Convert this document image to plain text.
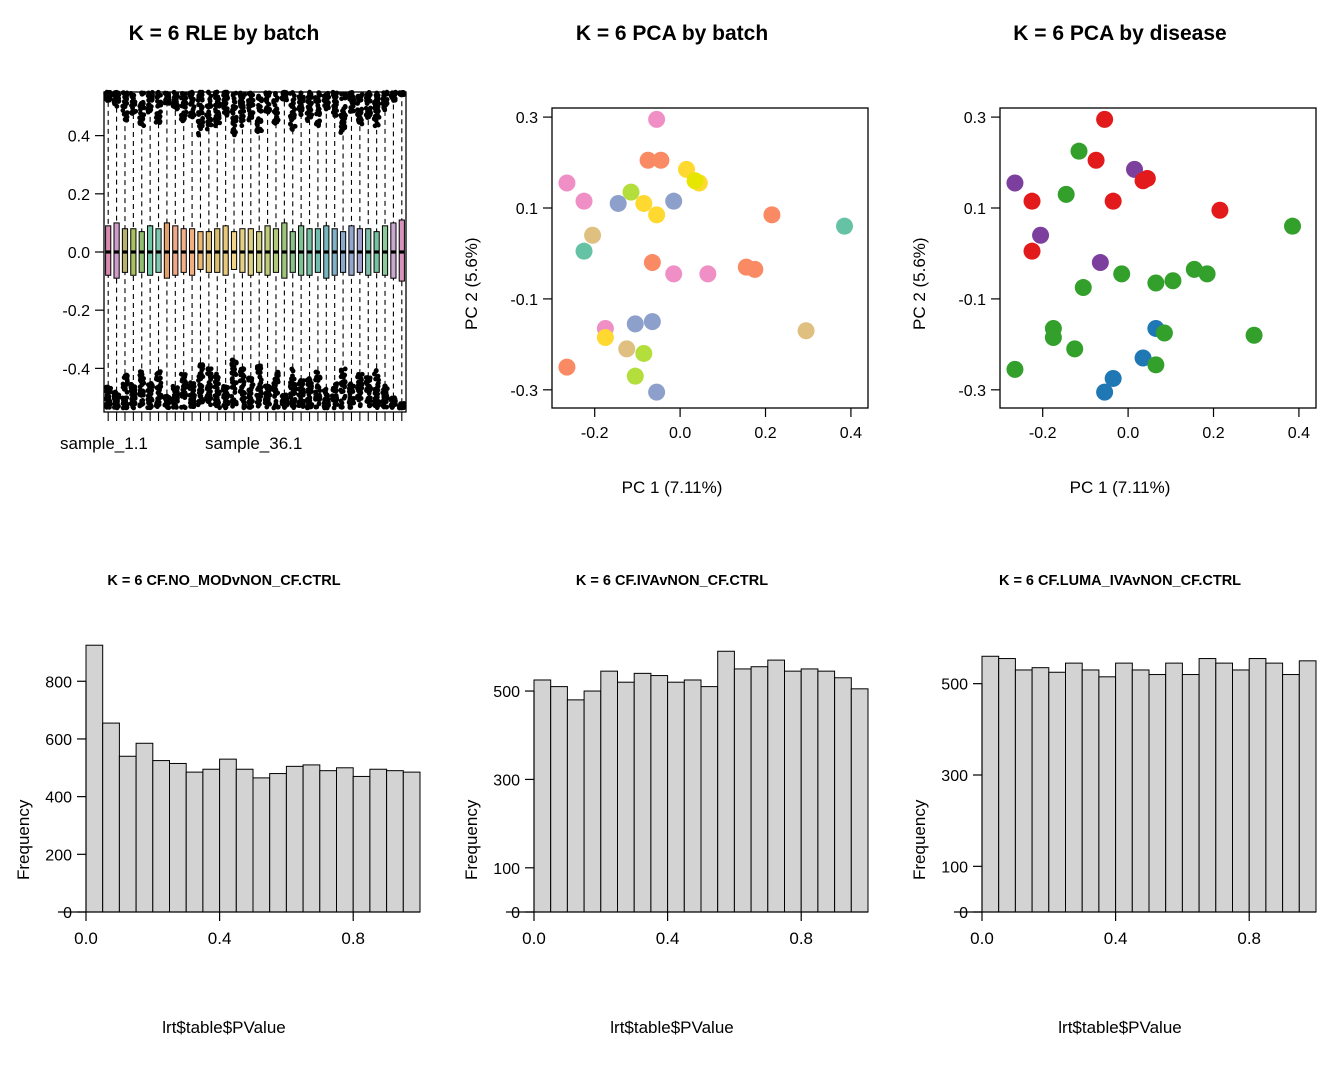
K = 6 RLE by batch
-0.4
-0.2
0.0
0.2
0.4
sample_1.1	sample_36.1
K = 6 PCA by batch
-0.2	0.0	0.2	0.4
-0.3
-0.1
0.1
0.3
PC 1 (7.11%)
PC 2 (5.6%)
K = 6 PCA by disease
-0.2	0.0	0.2	0.4
-0.3
-0.1
0.1
0.3
PC 1 (7.11%)
PC 2 (5.6%)
K = 6 CF.NO_MODvNON_CF.CTRL
0.0	0.4	0.8
0
200
400
600
800
lrt$table$PValue
Frequency
K = 6 CF.IVAvNON_CF.CTRL
0.0	0.4	0.8
0
100
300
500
lrt$table$PValue
Frequency
K = 6 CF.LUMA_IVAvNON_CF.CTRL
0.0	0.4	0.8
0
100
300
500
lrt$table$PValue
Frequency
